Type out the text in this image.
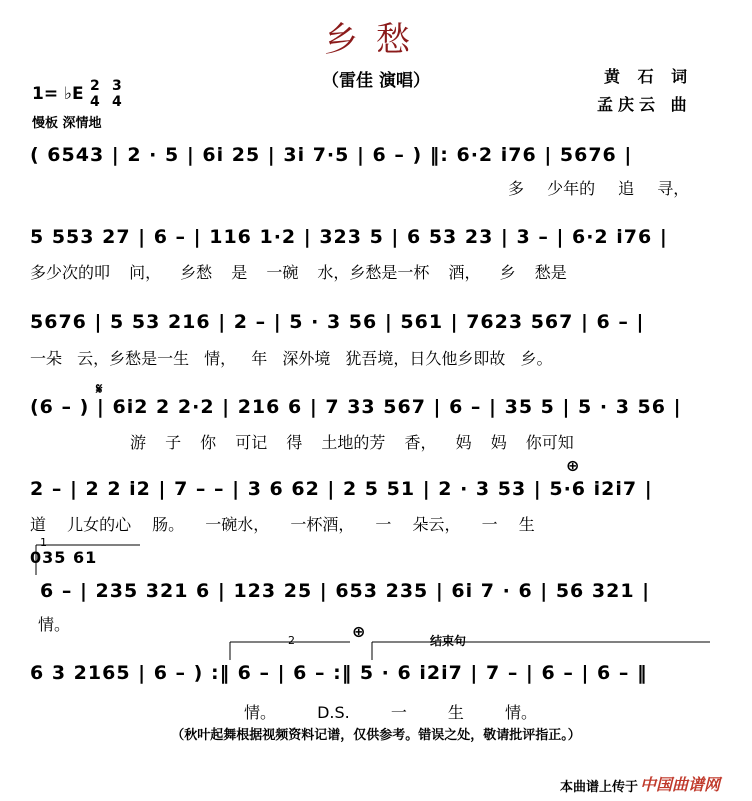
乡愁
（雷佳 演唱）	黄 石 词
孟庆云 曲
1= ♭E 2
4
3
4
慢板 深情地
( 6543 | 2 · 5 | 6i 25 | 3i 7·5 | 6 – ) ‖: 6·2 i76 | 5676 |
多 少年的 追 寻，
5 553 27 | 6 – | 116 1·2 | 323 5 | 6 53 23 | 3 – | 6·2 i76 |
多少次的叩 问， 乡愁 是 一碗 水，乡愁是一杯 酒， 乡 愁是
5676 | 5 53 216 | 2 – | 5 · 3 56 | 561 | 7623 567 | 6 – |
一朵 云，乡愁是一生 情， 年 深外境 犹吾境，日久他乡即故 乡。
𝄋
(6 – ) | 6i2 2 2·2 | 216 6 | 7 33 567 | 6 – | 35 5 | 5 · 3 56 |
游 子 你 可记 得 土地的芳 香， 妈 妈 你可知
⊕
2 – | 2 2 i2 | 7 – – | 3 6 62 | 2 5 51 | 2 · 3 53 | 5·6 i2i7 |
道 儿女的心 肠。 一碗水， 一杯酒， 一 朵云， 一 生
1
035 61
6 – | 235 321 6 | 123 25 | 653 235 | 6i 7 · 6 | 56 321 |
情。
2	⊕	结束句
6 3 2165 | 6 – ) :‖ 6 – | 6 – :‖ 5 · 6 i2i7 | 7 – | 6 – | 6 – ‖
情。 D.S. 一 生 情。
（秋叶起舞根据视频资料记谱，仅供参考。错误之处，敬请批评指正。）
本曲谱上传于 中国曲谱网
